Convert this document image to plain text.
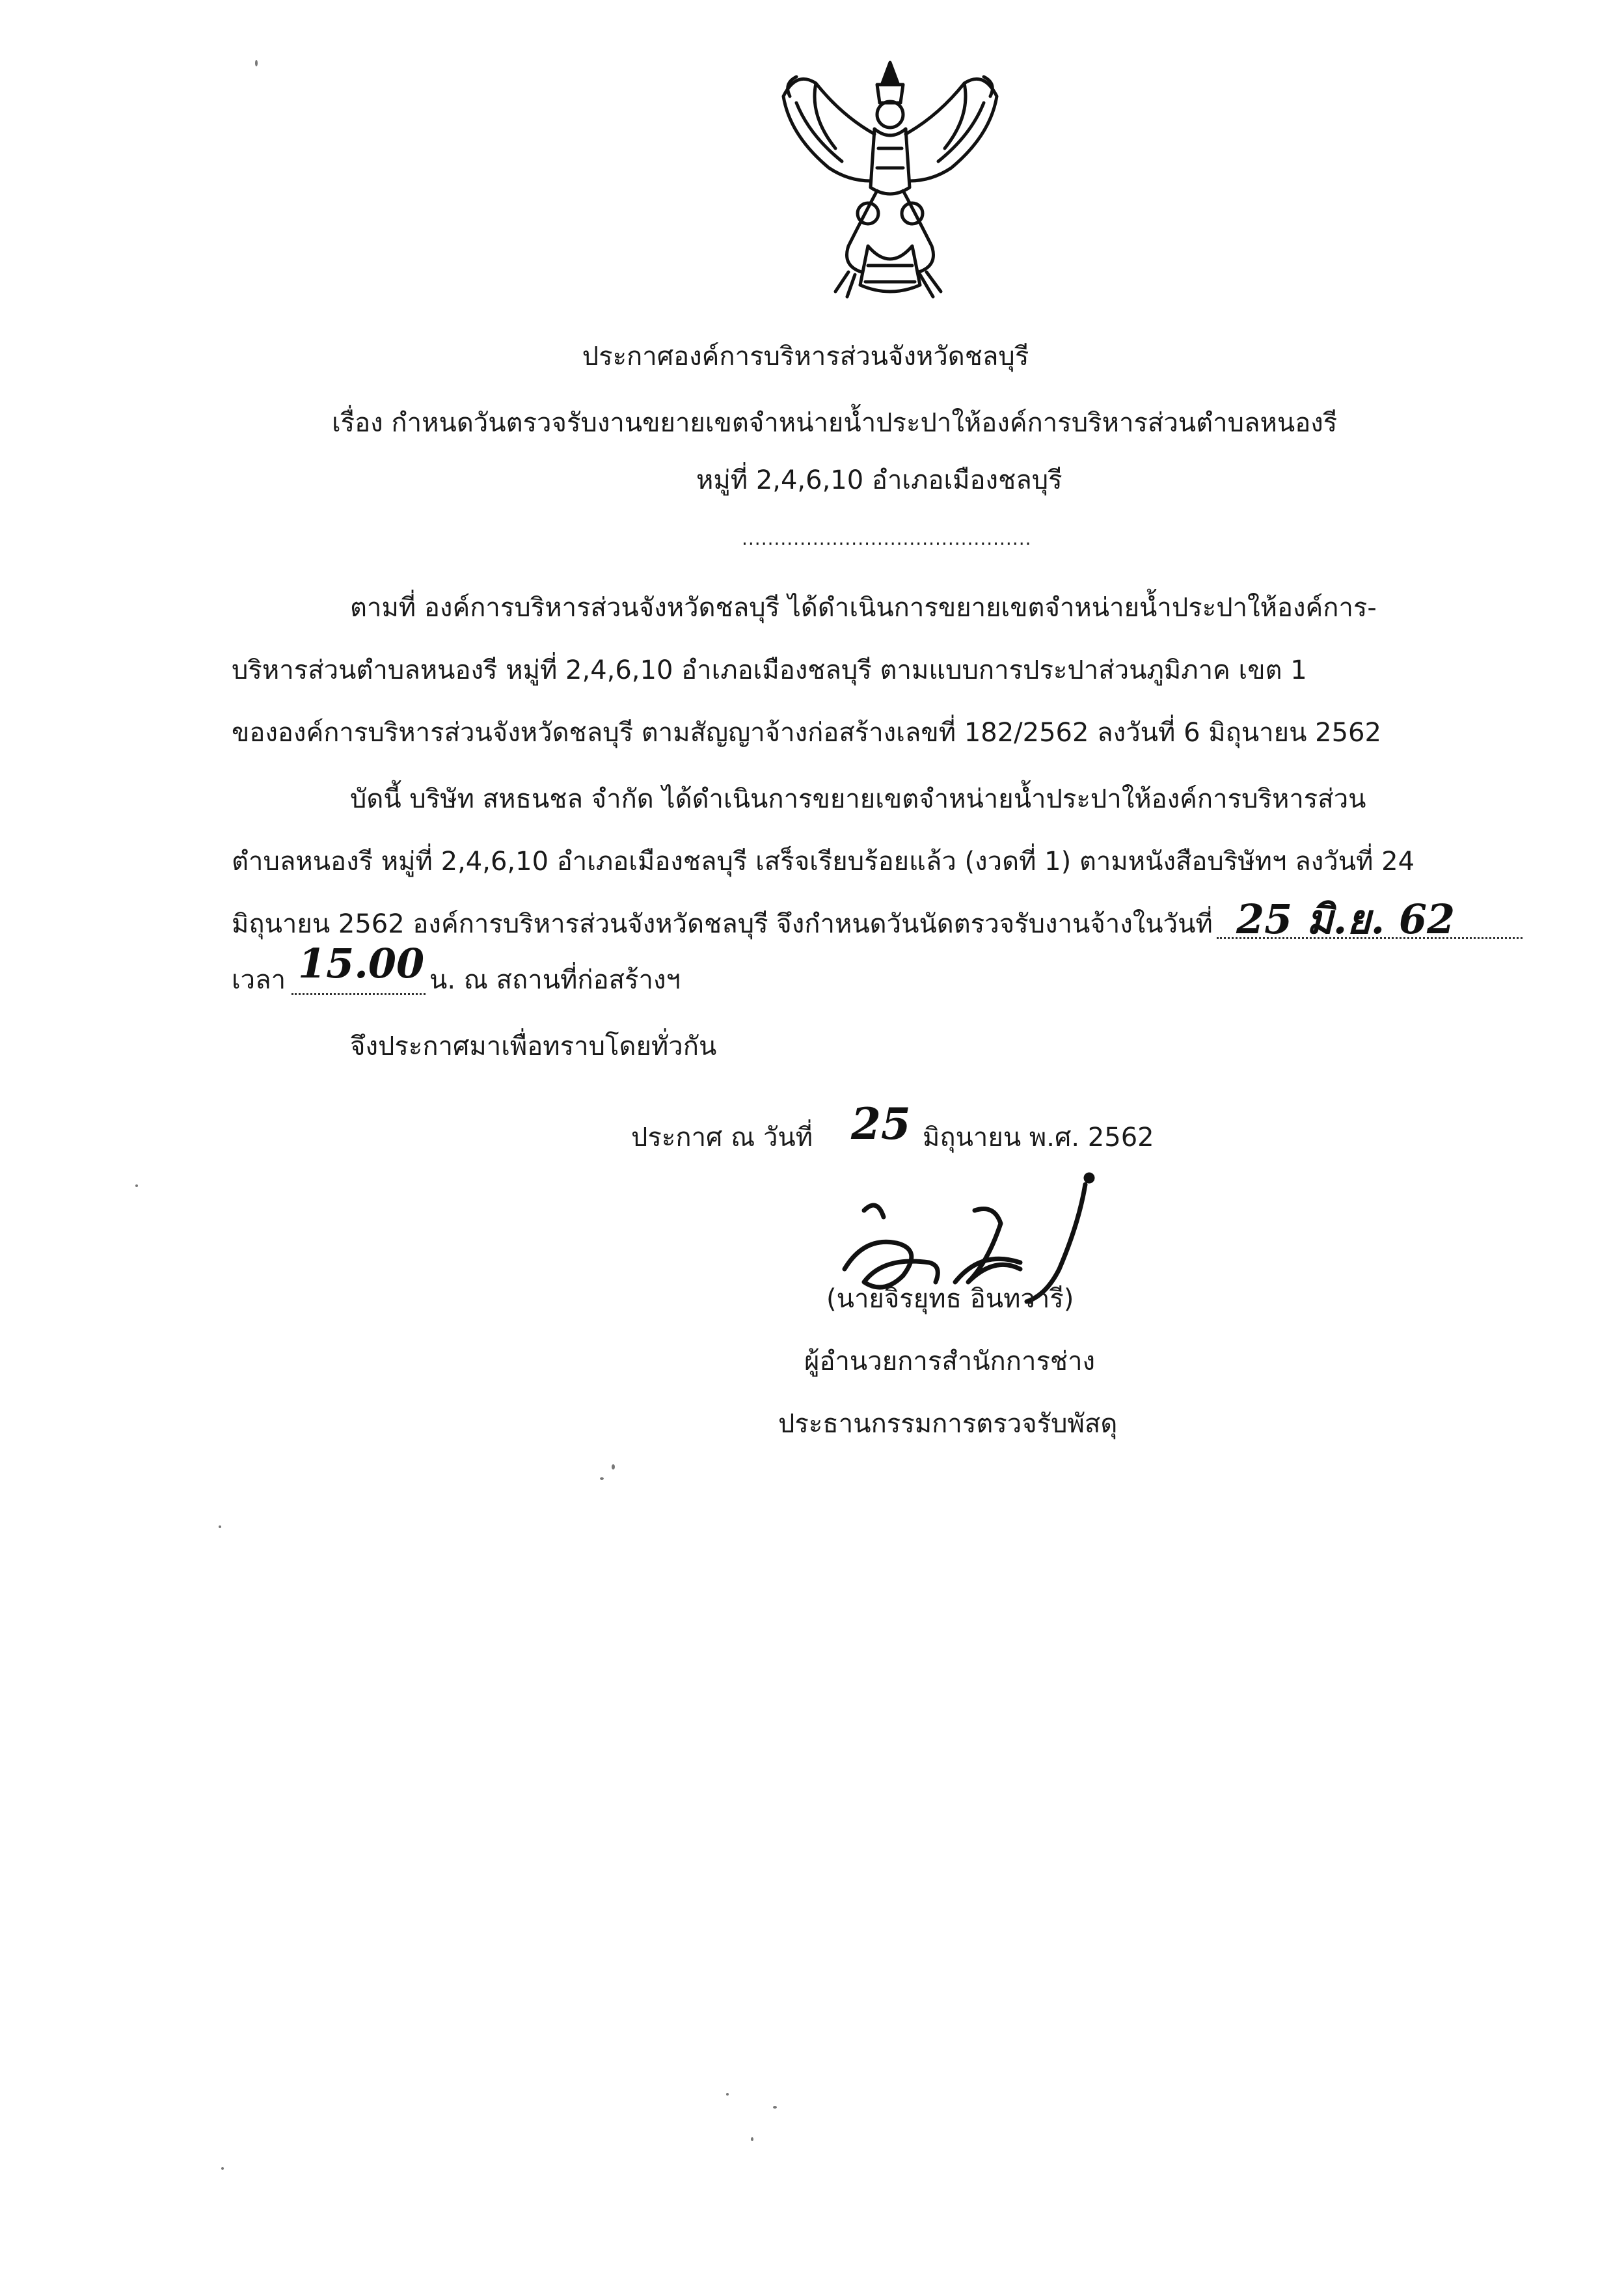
ประกาศองค์การบริหารส่วนจังหวัดชลบุรี
เรื่อง กำหนดวันตรวจรับงานขยายเขตจำหน่ายน้ำประปาให้องค์การบริหารส่วนตำบลหนองรี
หมู่ที่ 2,4,6,10 อำเภอเมืองชลบุรี
.............................................
ตามที่ องค์การบริหารส่วนจังหวัดชลบุรี ได้ดำเนินการขยายเขตจำหน่ายน้ำประปาให้องค์การ-
บริหารส่วนตำบลหนองรี หมู่ที่ 2,4,6,10 อำเภอเมืองชลบุรี ตามแบบการประปาส่วนภูมิภาค เขต 1
ขององค์การบริหารส่วนจังหวัดชลบุรี ตามสัญญาจ้างก่อสร้างเลขที่ 182/2562 ลงวันที่ 6 มิถุนายน 2562
บัดนี้ บริษัท สหธนชล จำกัด ได้ดำเนินการขยายเขตจำหน่ายน้ำประปาให้องค์การบริหารส่วน
ตำบลหนองรี หมู่ที่ 2,4,6,10 อำเภอเมืองชลบุรี เสร็จเรียบร้อยแล้ว (งวดที่ 1) ตามหนังสือบริษัทฯ ลงวันที่ 24
มิถุนายน 2562 องค์การบริหารส่วนจังหวัดชลบุรี จึงกำหนดวันนัดตรวจรับงานจ้างในวันที่ 25 มิ.ย. 62
เวลา 15.00 น. ณ สถานที่ก่อสร้างฯ
จึงประกาศมาเพื่อทราบโดยทั่วกัน
ประกาศ ณ วันที่ 25 มิถุนายน พ.ศ. 2562
(นายจิรยุทธ อินทวารี)
ผู้อำนวยการสำนักการช่าง
ประธานกรรมการตรวจรับพัสดุ
